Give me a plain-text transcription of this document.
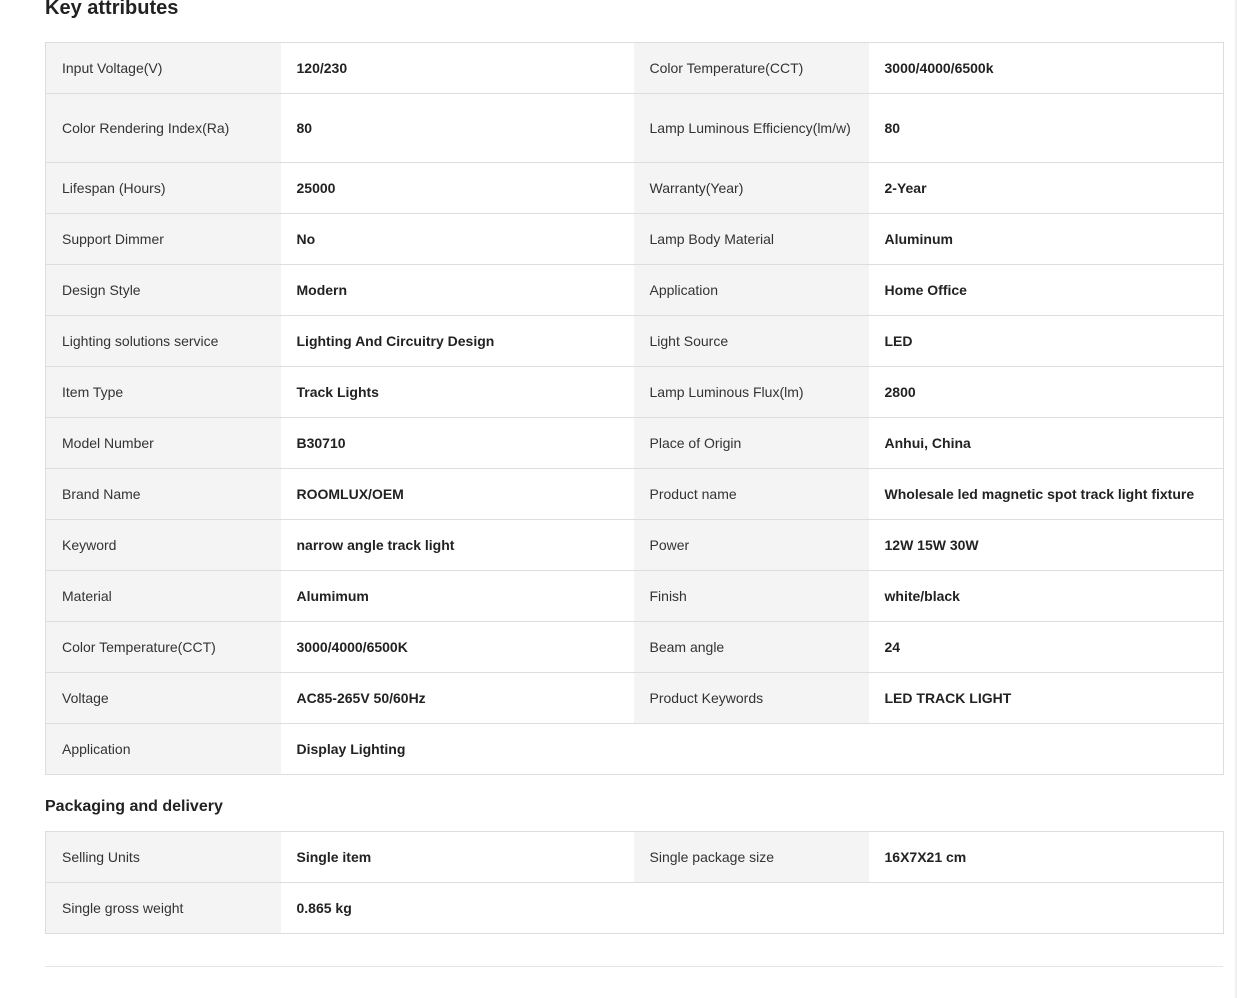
Key attributes
Input Voltage(V)	120/230	Color Temperature(CCT)	3000/4000/6500k
Color Rendering Index(Ra)	80	Lamp Luminous Efficiency(lm/w)	80
Lifespan (Hours)	25000	Warranty(Year)	2-Year
Support Dimmer	No	Lamp Body Material	Aluminum
Design Style	Modern	Application	Home Office
Lighting solutions service	Lighting And Circuitry Design	Light Source	LED
Item Type	Track Lights	Lamp Luminous Flux(lm)	2800
Model Number	B30710	Place of Origin	Anhui, China
Brand Name	ROOMLUX/OEM	Product name	Wholesale led magnetic spot track light fixture
Keyword	narrow angle track light	Power	12W 15W 30W
Material	Alumimum	Finish	white/black
Color Temperature(CCT)	3000/4000/6500K	Beam angle	24
Voltage	AC85-265V 50/60Hz	Product Keywords	LED TRACK LIGHT
Application	Display Lighting		
Packaging and delivery
Selling Units	Single item	Single package size	16X7X21 cm
Single gross weight	0.865 kg		
